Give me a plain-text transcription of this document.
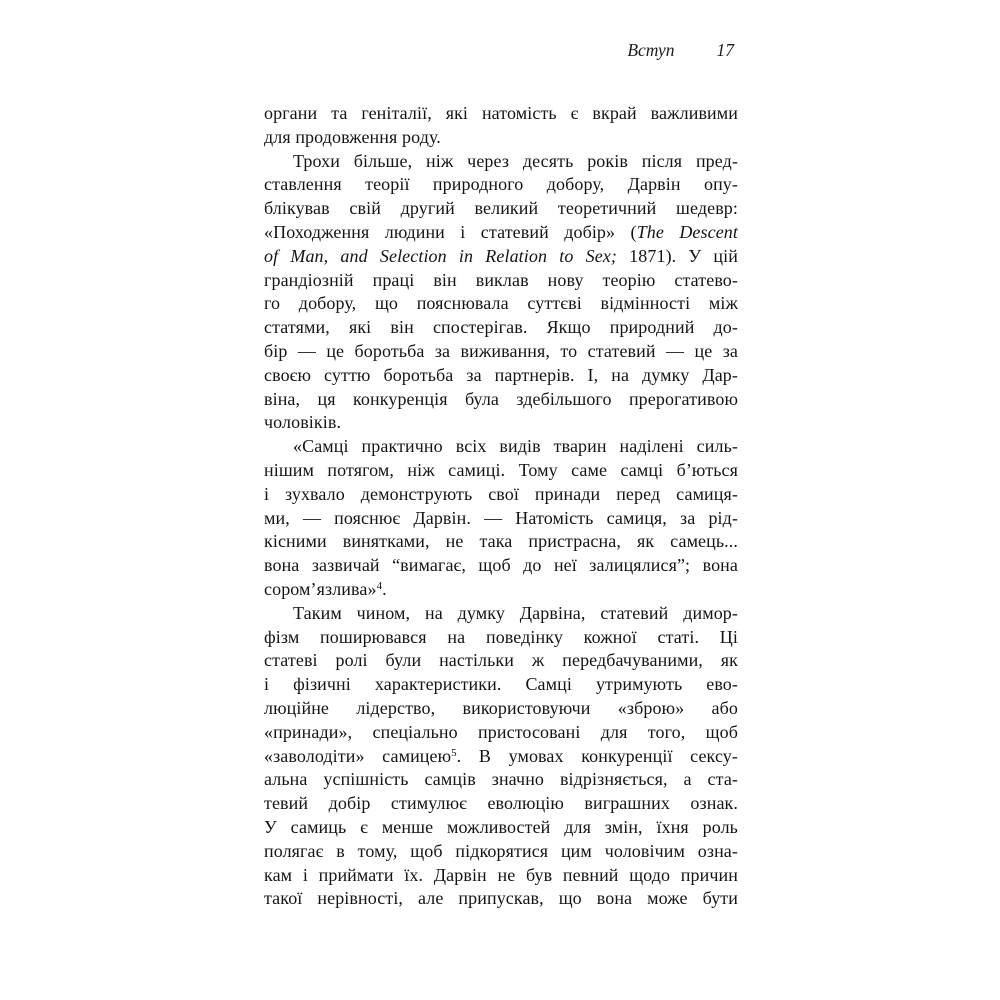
Вступ 17
органи та геніталії, які натомість є вкрай важливими
для продовження роду.
Трохи більше, ніж через десять років після пред-
ставлення теорії природного добору, Дарвін опу-
блікував свій другий великий теоретичний шедевр:
«Походження людини і статевий добір» (The Descent
of Man, and Selection in Relation to Sex; 1871). У цій
грандіозній праці він виклав нову теорію статево-
го добору, що пояснювала суттєві відмінності між
статями, які він спостерігав. Якщо природний до-
бір — це боротьба за виживання, то статевий — це за
своєю суттю боротьба за партнерів. І, на думку Дар-
віна, ця конкуренція була здебільшого прерогативою
чоловіків.
«Самці практично всіх видів тварин наділені силь-
нішим потягом, ніж самиці. Тому саме самці б’ються
і зухвало демонструють свої принади перед самиця-
ми, — пояснює Дарвін. — Натомість самиця, за рід-
кісними винятками, не така пристрасна, як самець...
вона зазвичай “вимагає, щоб до неї залицялися”; вона
сором’язлива»$^4$.
Таким чином, на думку Дарвіна, статевий димор-
фізм поширювався на поведінку кожної статі. Ці
статеві ролі були настільки ж передбачуваними, як
і фізичні характеристики. Самці утримують ево-
люційне лідерство, використовуючи «зброю» або
«принади», спеціально пристосовані для того, щоб
«заволодіти» самицею$^5$. В умовах конкуренції сексу-
альна успішність самців значно відрізняється, а ста-
тевий добір стимулює еволюцію виграшних ознак.
У самиць є менше можливостей для змін, їхня роль
полягає в тому, щоб підкорятися цим чоловічим озна-
кам і приймати їх. Дарвін не був певний щодо причин
такої нерівності, але припускав, що вона може бути
